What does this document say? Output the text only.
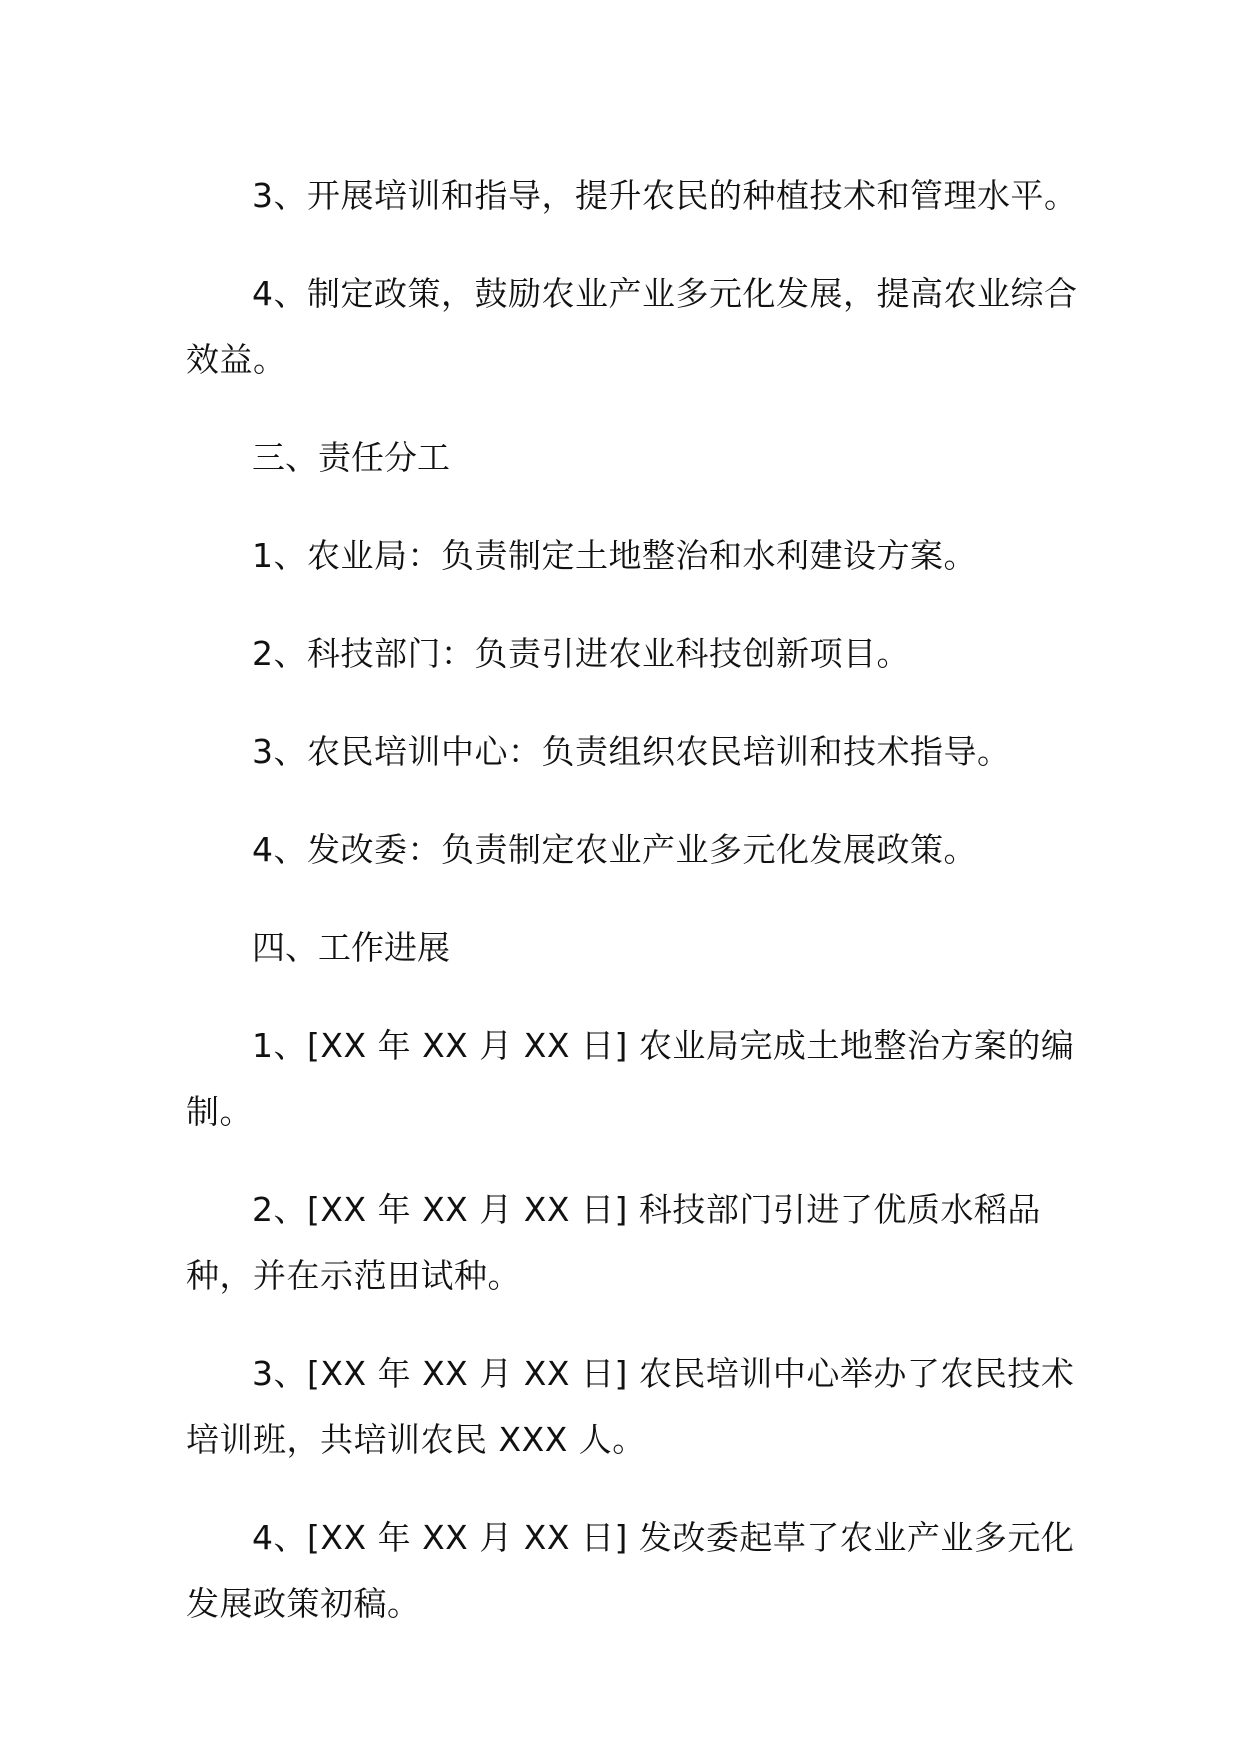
3、开展培训和指导，提升农民的种植技术和管理水平。

4、制定政策，鼓励农业产业多元化发展，提高农业综合效益。

三、责任分工

1、农业局：负责制定土地整治和水利建设方案。

2、科技部门：负责引进农业科技创新项目。

3、农民培训中心：负责组织农民培训和技术指导。

4、发改委：负责制定农业产业多元化发展政策。

四、工作进展

1、[XX 年 XX 月 XX 日] 农业局完成土地整治方案的编制。

2、[XX 年 XX 月 XX 日] 科技部门引进了优质水稻品种，并在示范田试种。

3、[XX 年 XX 月 XX 日] 农民培训中心举办了农民技术培训班，共培训农民 XXX 人。

4、[XX 年 XX 月 XX 日] 发改委起草了农业产业多元化发展政策初稿。
